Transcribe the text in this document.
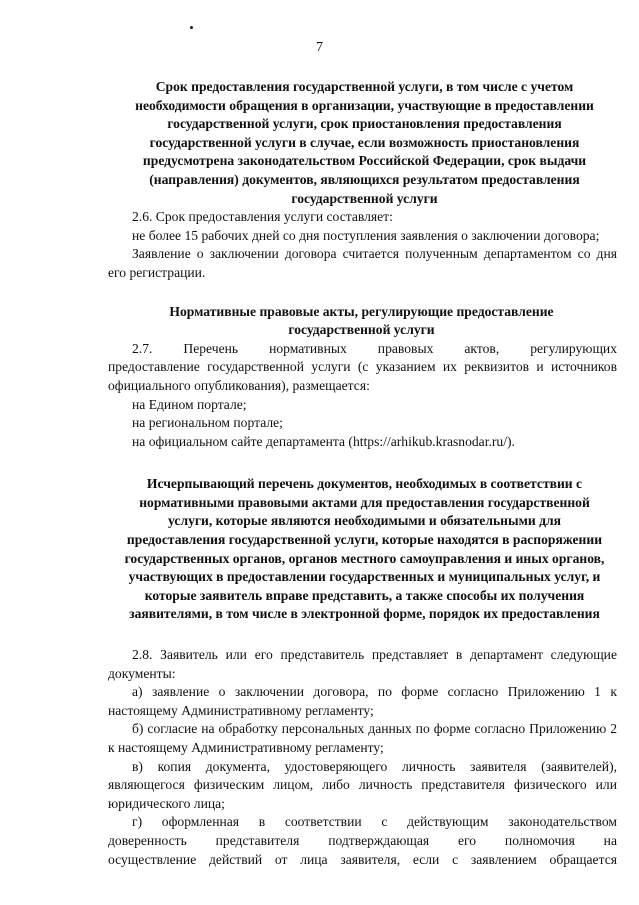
7
Срок предоставления государственной услуги, в том числе с учетом необходимости обращения в организации, участвующие в предоставлении государственной услуги, срок приостановления предоставления государственной услуги в случае, если возможность приостановления предусмотрена законодательством Российской Федерации, срок выдачи (направления) документов, являющихся результатом предоставления государственной услуги

2.6. Срок предоставления услуги составляет:

не более 15 рабочих дней со дня поступления заявления о заключении договора;

Заявление о заключении договора считается полученным департаментом со дня его регистрации.

Нормативные правовые акты, регулирующие предоставление государственной услуги

2.7. Перечень нормативных правовых актов, регулирующих

предоставление государственной услуги (с указанием их реквизитов и источников официального опубликования), размещается:

на Едином портале;

на региональном портале;

на официальном сайте департамента (https://arhikub.krasnodar.ru/).

Исчерпывающий перечень документов, необходимых в соответствии с нормативными правовыми актами для предоставления государственной услуги, которые являются необходимыми и обязательными для предоставления государственной услуги, которые находятся в распоряжении государственных органов, органов местного самоуправления и иных органов, участвующих в предоставлении государственных и муниципальных услуг, и которые заявитель вправе представить, а также способы их получения заявителями, в том числе в электронной форме, порядок их предоставления

2.8. Заявитель или его представитель представляет в департамент следующие документы:

а) заявление о заключении договора, по форме согласно Приложению 1 к настоящему Административному регламенту;

б) согласие на обработку персональных данных по форме согласно Приложению 2 к настоящему Административному регламенту;

в) копия документа, удостоверяющего личность заявителя (заявителей), являющегося физическим лицом, либо личность представителя физического или юридического лица;

г) оформленная в соответствии с действующим законодательством

доверенность представителя подтверждающая его полномочия на

осуществление действий от лица заявителя, если с заявлением обращается
